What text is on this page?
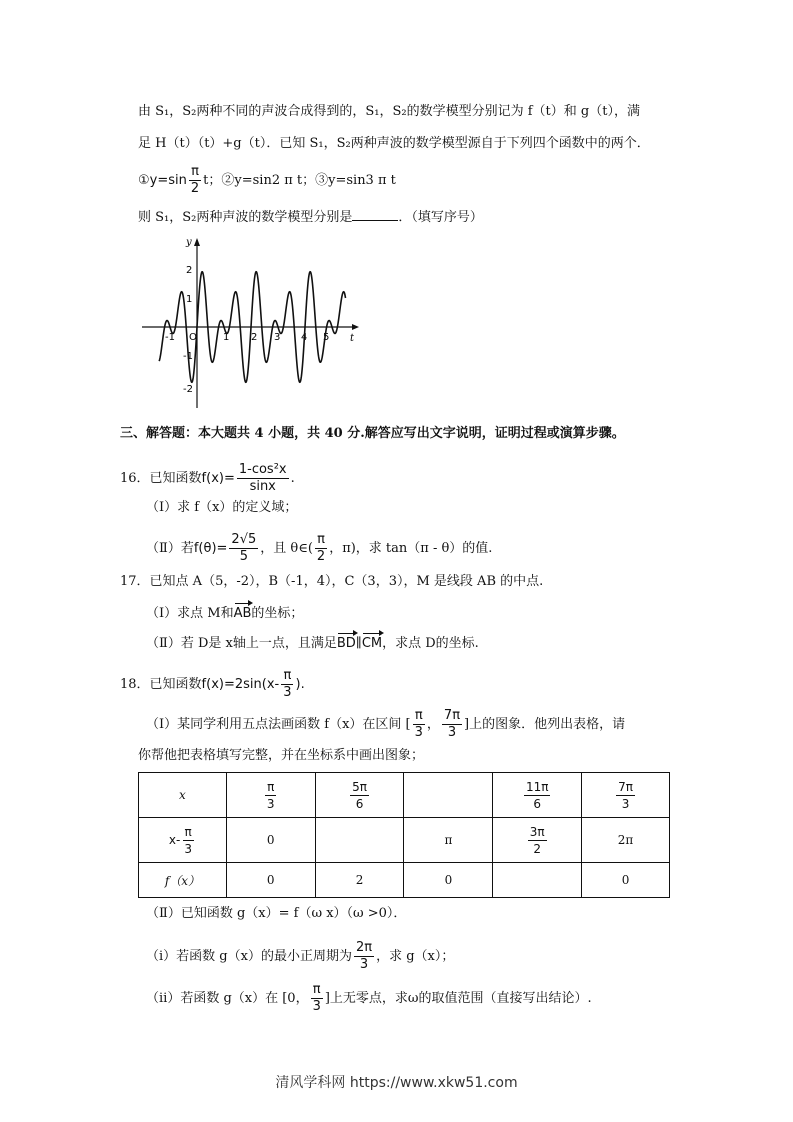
由 S₁，S₂两种不同的声波合成得到的，S₁，S₂的数学模型分别记为 f（t）和 g（t），满
足 H（t）（t）+g（t）．已知 S₁，S₂两种声波的数学模型源自于下列四个函数中的两个．
①y=sin $\frac{\pi}{2}$ t；②y=sin2 π t；③y=sin3 π t
则 S₁，S₂两种声波的数学模型分别是	．（填写序号）
y
t
O
-1	1 2 3 4 5
2
1
-1
-2
三、解答题：本大题共 4 小题，共 40 分.解答应写出文字说明，证明过程或演算步骤。
16．已知函数$f(x)= \frac{\text{1-cos²x}}{\sin x}$ .
（Ⅰ）求 f（x）的定义域；
（Ⅱ）若$f(\theta)= \frac{2√5}{5}$ ，且 θ∈( $\frac{\pi}{2}$ ，π)，求 tan（π - θ）的值.
17．已知点 A（5，-2），B（-1，4），C（3，3），M 是线段 AB 的中点.
（Ⅰ）求点 M和AB的坐标；
（Ⅱ）若 D是 x轴上一点，且满足BD∥CM，求点 D的坐标.
18．已知函数$f(x)=2\sin(x- \frac{\pi}{3}$ ).
（Ⅰ）某同学利用五点法画函数 f（x）在区间 [ $\frac{\pi}{3}$ ， $\frac{7\pi}{3}$ ]上的图象．他列出表格，请
你帮他把表格填写完整，并在坐标系中画出图象；
x	$\frac{\pi}{3}$	$\frac{5\pi}{6}$		$\frac{11\pi}{6}$	$\frac{7\pi}{3}$

$x- \frac{\pi}{3}$	0		π	$\frac{3\pi}{2}$	2π
f（x）	0	2	0		0
（Ⅱ）已知函数 g（x）= f（ω x）（ω >0）．
（ⅰ）若函数 g（x）的最小正周期为 $\frac{2\pi}{3}$ ，求 g（x）；
（ⅱ）若函数 g（x）在 [0， $\frac{\pi}{3}$ ]上无零点，求ω的取值范围（直接写出结论）.
清风学科网 https://www.xkw51.com
